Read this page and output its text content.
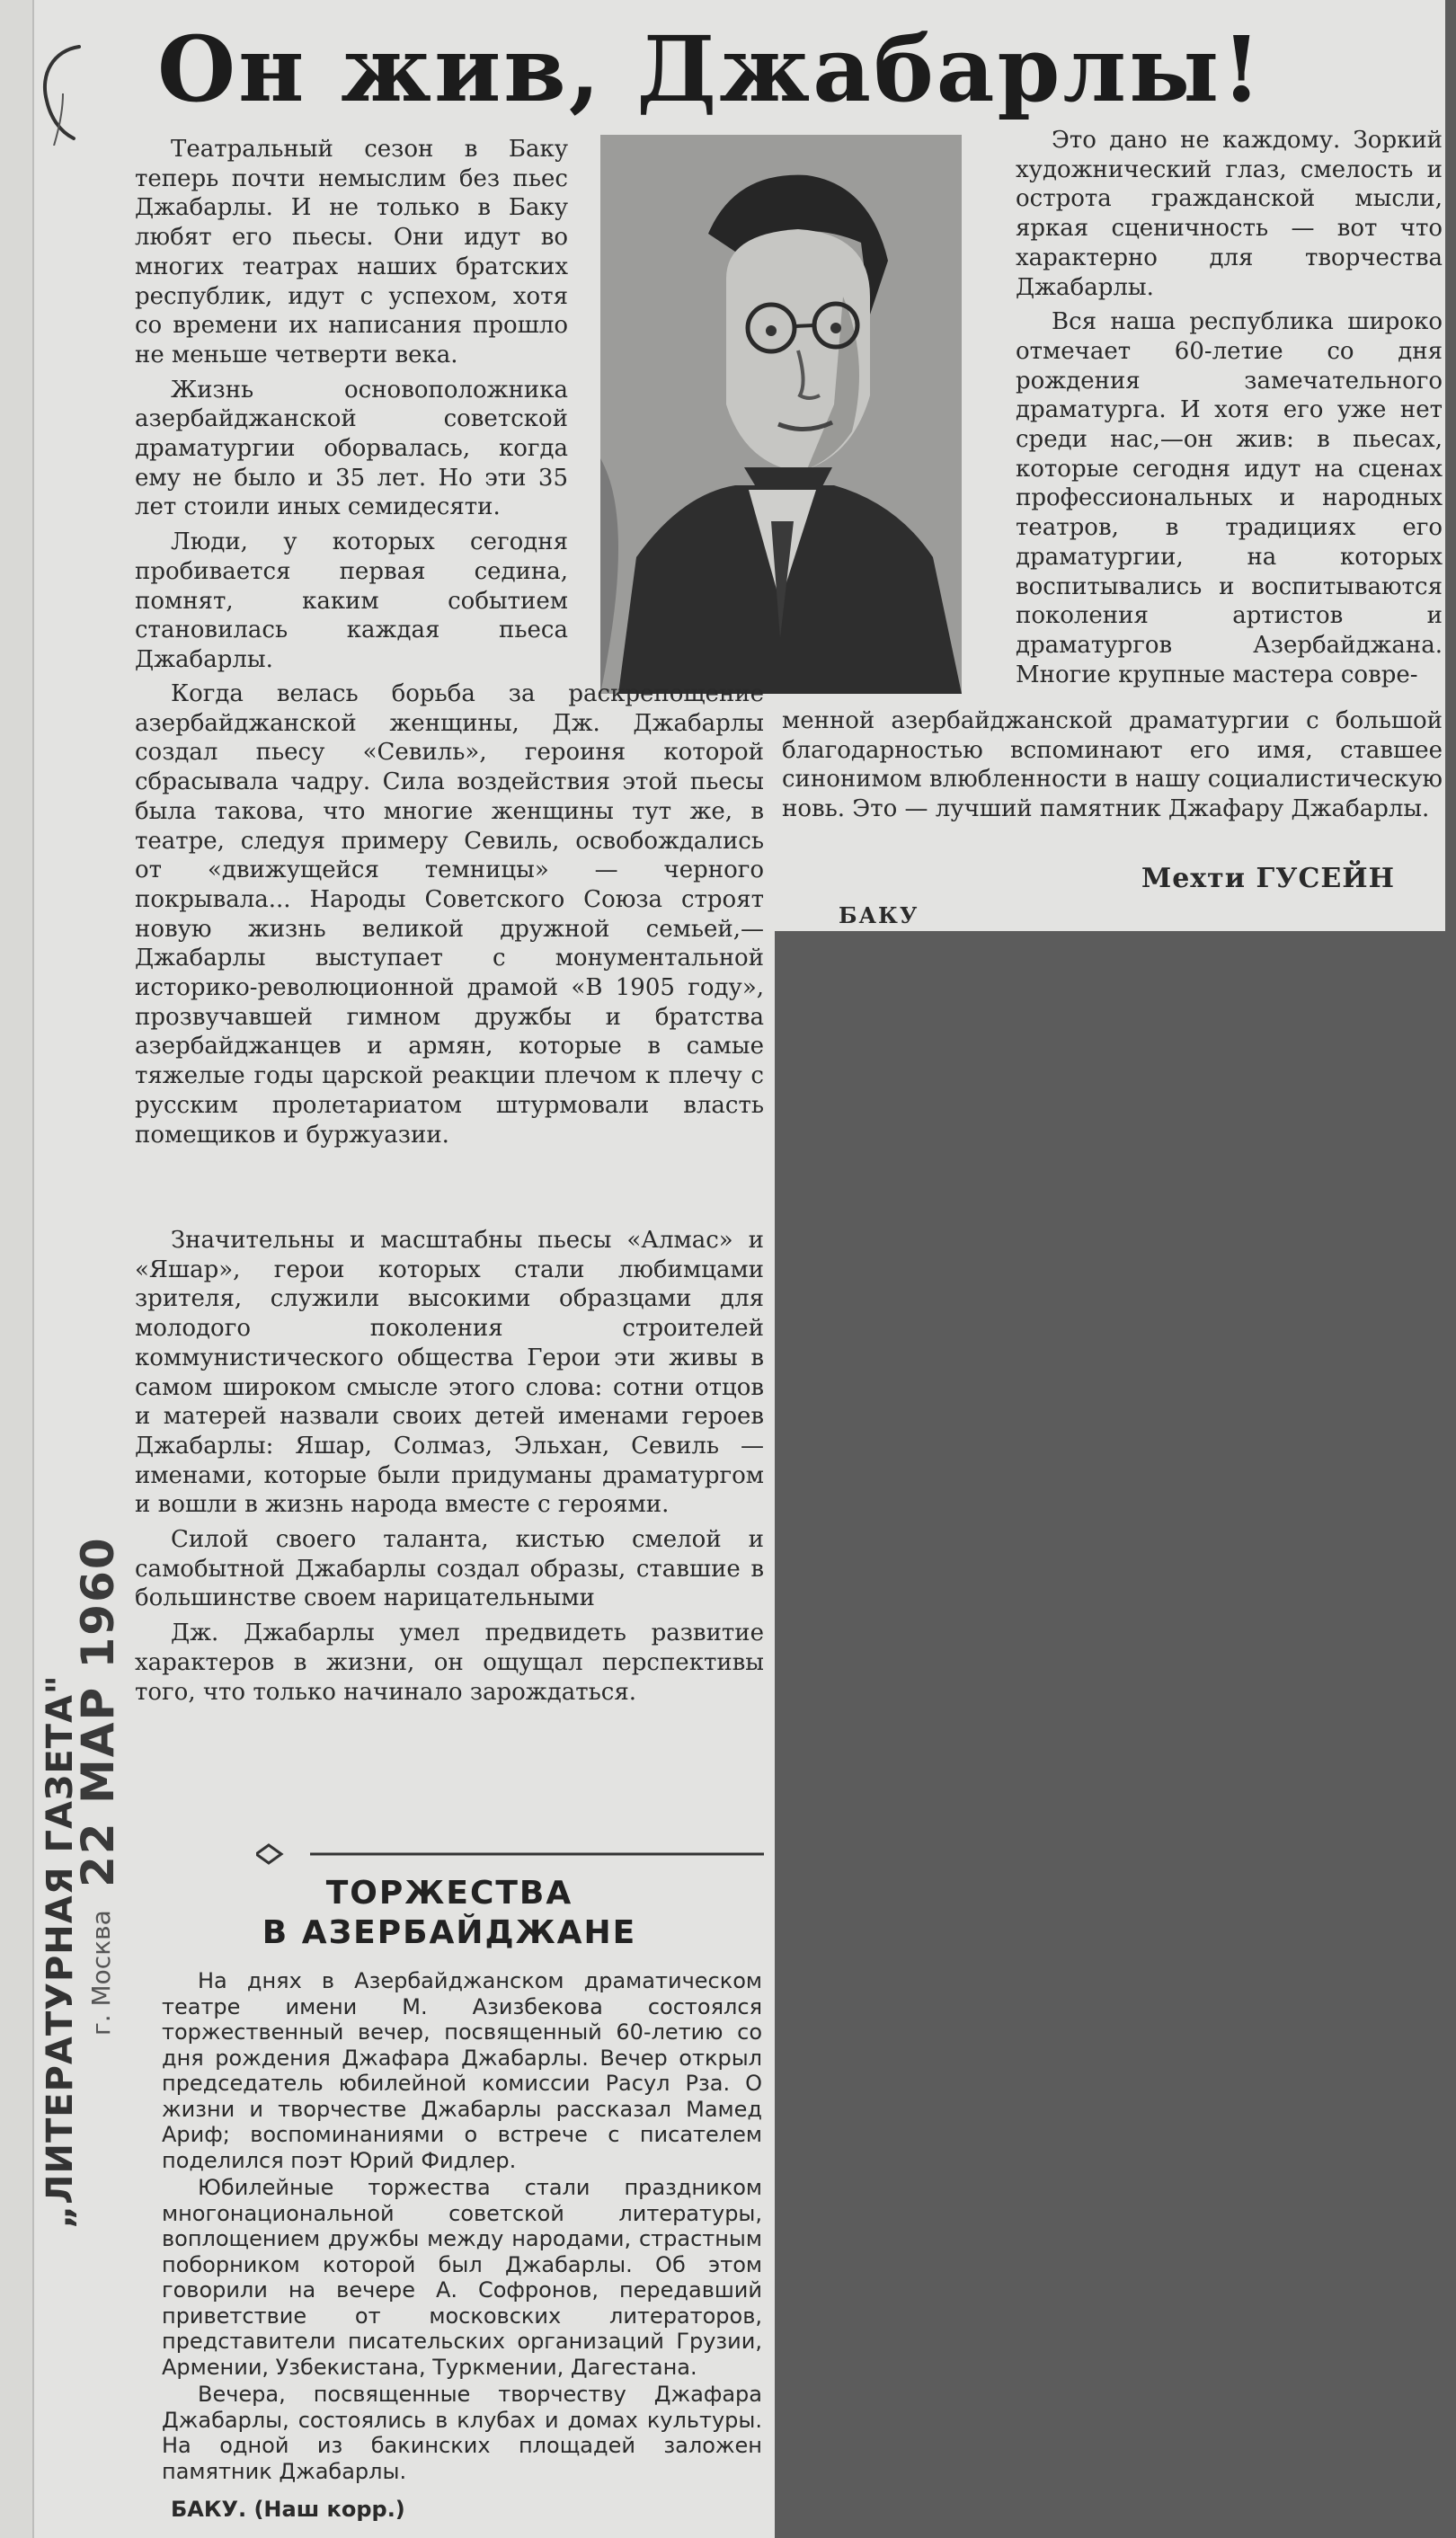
Он жив, Джабарлы!

Театральный сезон в Баку теперь почти немыслим без пьес Джабарлы. И не только в Баку любят его пьесы. Они идут во многих театрах наших братских республик, идут с успехом, хотя со времени их написания прошло не меньше четверти века.

Жизнь основоположника азербайджанской советской драматургии оборвалась, когда ему не было и 35 лет. Но эти 35 лет стоили иных семидесяти.

Люди, у которых сегодня пробивается первая седина, помнят, каким событием становилась каждая пьеса Джабарлы.

Когда велась борьба за раскрепощение азербайджанской женщины, Дж. Джабарлы создал пьесу «Севиль», героиня которой сбрасывала чадру. Сила воздействия этой пьесы была такова, что многие женщины тут же, в театре, следуя примеру Севиль, освобождались от «движущейся темницы» — черного покрывала... Народы Советского Союза строят новую жизнь великой дружной семьей,—Джабарлы выступает с монументальной историко-революционной драмой «В 1905 году», прозвучавшей гимном дружбы и братства азербайджанцев и армян, которые в самые тяжелые годы царской реакции плечом к плечу с русским пролетариатом штурмовали власть помещиков и буржуазии.

Значительны и масштабны пьесы «Алмас» и «Яшар», герои которых стали любимцами зрителя, служили высокими образцами для молодого поколения строителей коммунистического общества Герои эти живы в самом широком смысле этого слова: сотни отцов и матерей назвали своих детей именами героев Джабарлы: Яшар, Солмаз, Эльхан, Севиль — именами, которые были придуманы драматургом и вошли в жизнь народа вместе с героями.

Силой своего таланта, кистью смелой и самобытной Джабарлы создал образы, ставшие в большинстве своем нарицательными

Дж. Джабарлы умел предвидеть развитие характеров в жизни, он ощущал перспективы того, что только начинало зарождаться.

Это дано не каждому. Зоркий художнический глаз, смелость и острота гражданской мысли, яркая сценичность — вот что характерно для творчества Джабарлы.

Вся наша республика широко отмечает 60-летие со дня рождения замечательного драматурга. И хотя его уже нет среди нас,—он жив: в пьесах, которые сегодня идут на сценах профессиональных и народных театров, в традициях его драматургии, на которых воспитывались и воспитываются поколения артистов и драматургов Азербайджана. Многие крупные мастера совре-

менной азербайджанской драматургии с большой благодарностью вспоминают его имя, ставшее синонимом влюбленности в нашу социалистическую новь. Это — лучший памятник Джафару Джабарлы.

Мехти ГУСЕЙН
БАКУ
22 МАР 1960
„ЛИТЕРАТУРНАЯ ГАЗЕТА" г. Москва
ТОРЖЕСТВА
В АЗЕРБАЙДЖАНЕ

На днях в Азербайджанском драматическом театре имени М. Азизбекова состоялся торжественный вечер, посвященный 60-летию со дня рождения Джафара Джабарлы. Вечер открыл председатель юбилейной комиссии Расул Рза. О жизни и творчестве Джабарлы рассказал Мамед Ариф; воспоминаниями о встрече с писателем поделился поэт Юрий Фидлер.

Юбилейные торжества стали праздником многонациональной советской литературы, воплощением дружбы между народами, страстным поборником которой был Джабарлы. Об этом говорили на вечере А. Софронов, передавший приветствие от московских литераторов, представители писательских организаций Грузии, Армении, Узбекистана, Туркмении, Дагестана.

Вечера, посвященные творчеству Джафара Джабарлы, состоялись в клубах и домах культуры. На одной из бакинских площадей заложен памятник Джабарлы.

БАКУ. (Наш корр.)
